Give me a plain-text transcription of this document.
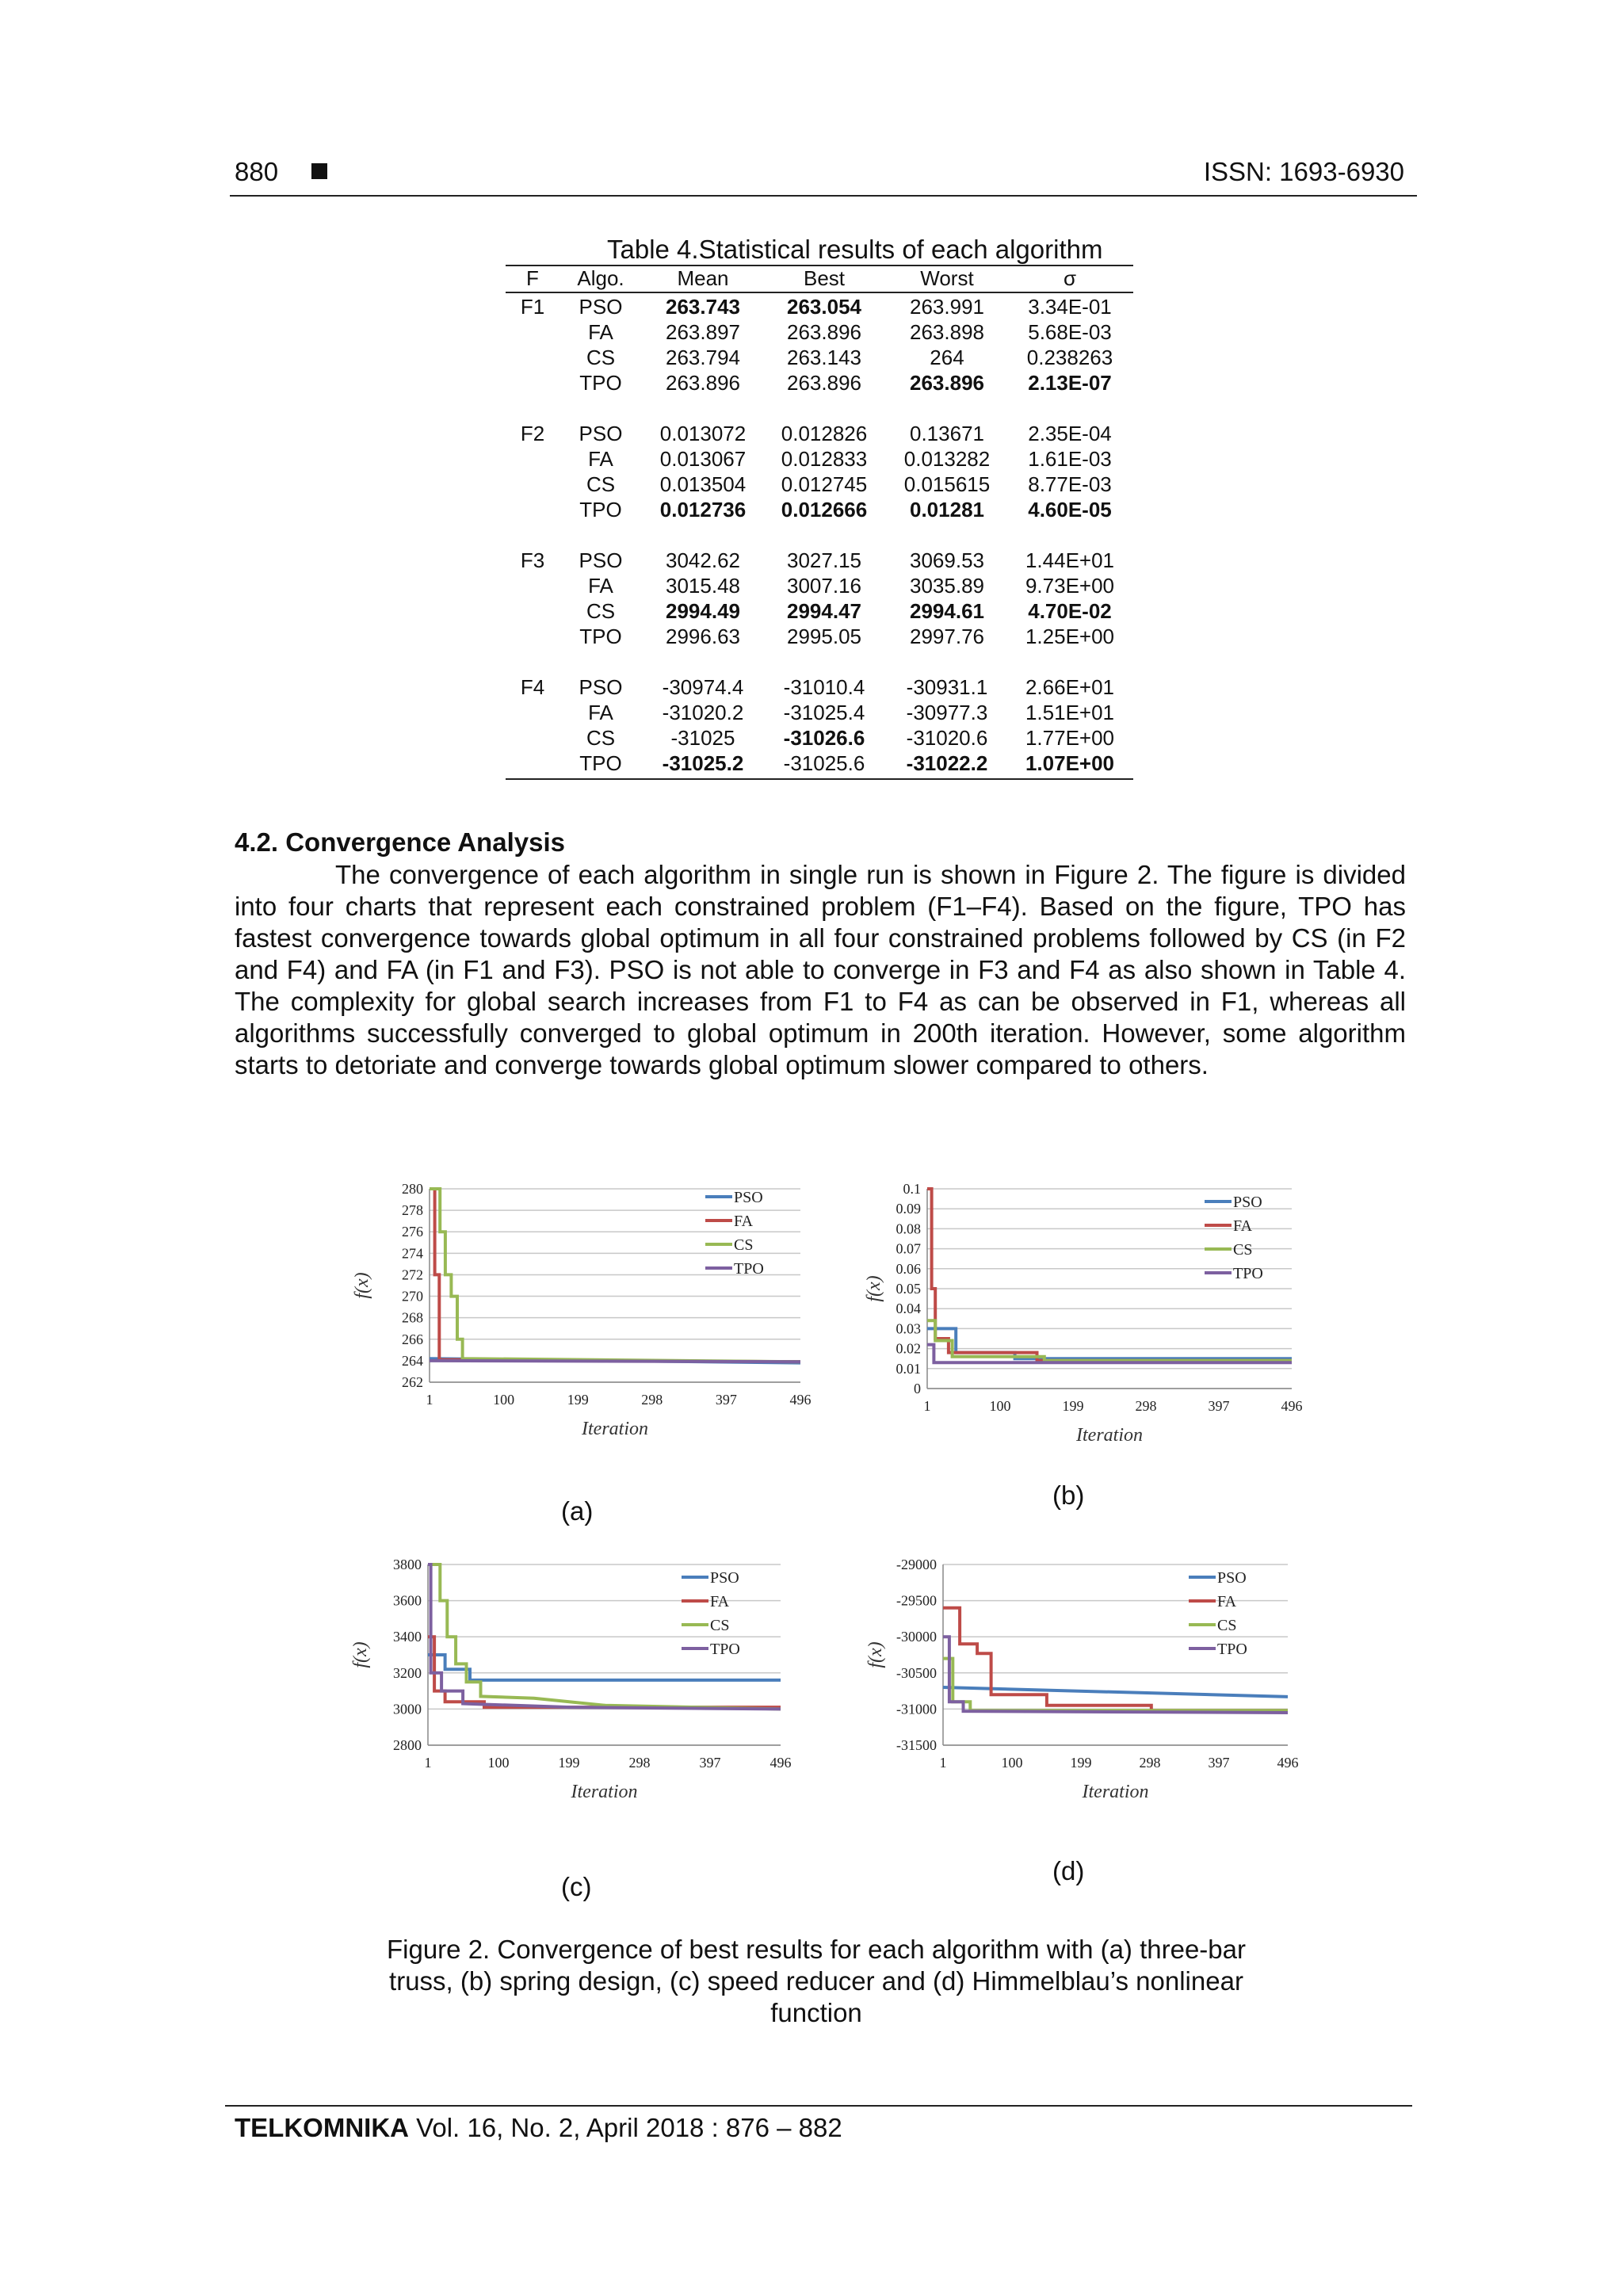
880	ISSN: 1693-6930
Table 4.Statistical results of each algorithm
F	Algo.	Mean	Best	Worst	σ
F1	PSO	263.743	263.054	263.991	3.34E-01
FA	263.897	263.896	263.898	5.68E-03
CS	263.794	263.143	264	0.238263
TPO	263.896	263.896	263.896	2.13E-07
F2	PSO	0.013072	0.012826	0.13671	2.35E-04
FA	0.013067	0.012833	0.013282	1.61E-03
CS	0.013504	0.012745	0.015615	8.77E-03
TPO	0.012736	0.012666	0.01281	4.60E-05
F3	PSO	3042.62	3027.15	3069.53	1.44E+01
FA	3015.48	3007.16	3035.89	9.73E+00
CS	2994.49	2994.47	2994.61	4.70E-02
TPO	2996.63	2995.05	2997.76	1.25E+00
F4	PSO	-30974.4	-31010.4	-30931.1	2.66E+01
FA	-31020.2	-31025.4	-30977.3	1.51E+01
CS	-31025	-31026.6	-31020.6	1.77E+00
TPO	-31025.2	-31025.6	-31022.2	1.07E+00
4.2. Convergence Analysis

The convergence of each algorithm in single run is shown in Figure 2. The figure is divided into four charts that represent each constrained problem (F1–F4). Based on the figure, TPO has fastest convergence towards global optimum in all four constrained problems followed by CS (in F2 and F4) and FA (in F1 and F3). PSO is not able to converge in F3 and F4 as also shown in Table 4. The complexity for global search increases from F1 to F4 as can be observed in F1, whereas all algorithms successfully converged to global optimum in 200th iteration. However, some algorithm starts to detoriate and converge towards global optimum slower compared to others.

280
278
276
274
272
270
268
266
264
262
1	100	199	298	397	496
Iteration
f(x)
PSO
FA
CS
TPO
0.1
0.09
0.08
0.07
0.06
0.05
0.04
0.03
0.02
0.01
0
1	100	199	298	397	496
Iteration
f(x)
PSO
FA
CS
TPO
3800
3600
3400
3200
3000
2800
1	100	199	298	397	496
Iteration
f(x)
PSO
FA
CS
TPO
-29000
-29500
-30000
-30500
-31000
-31500
1	100	199	298	397	496
Iteration
f(x)
PSO
FA
CS
TPO
(a)
(b)
(c)
(d)
Figure 2. Convergence of best results for each algorithm with (a) three-bar truss, (b) spring design, (c) speed reducer and (d) Himmelblau’s nonlinear function
TELKOMNIKA Vol. 16, No. 2, April 2018 : 876 – 882
